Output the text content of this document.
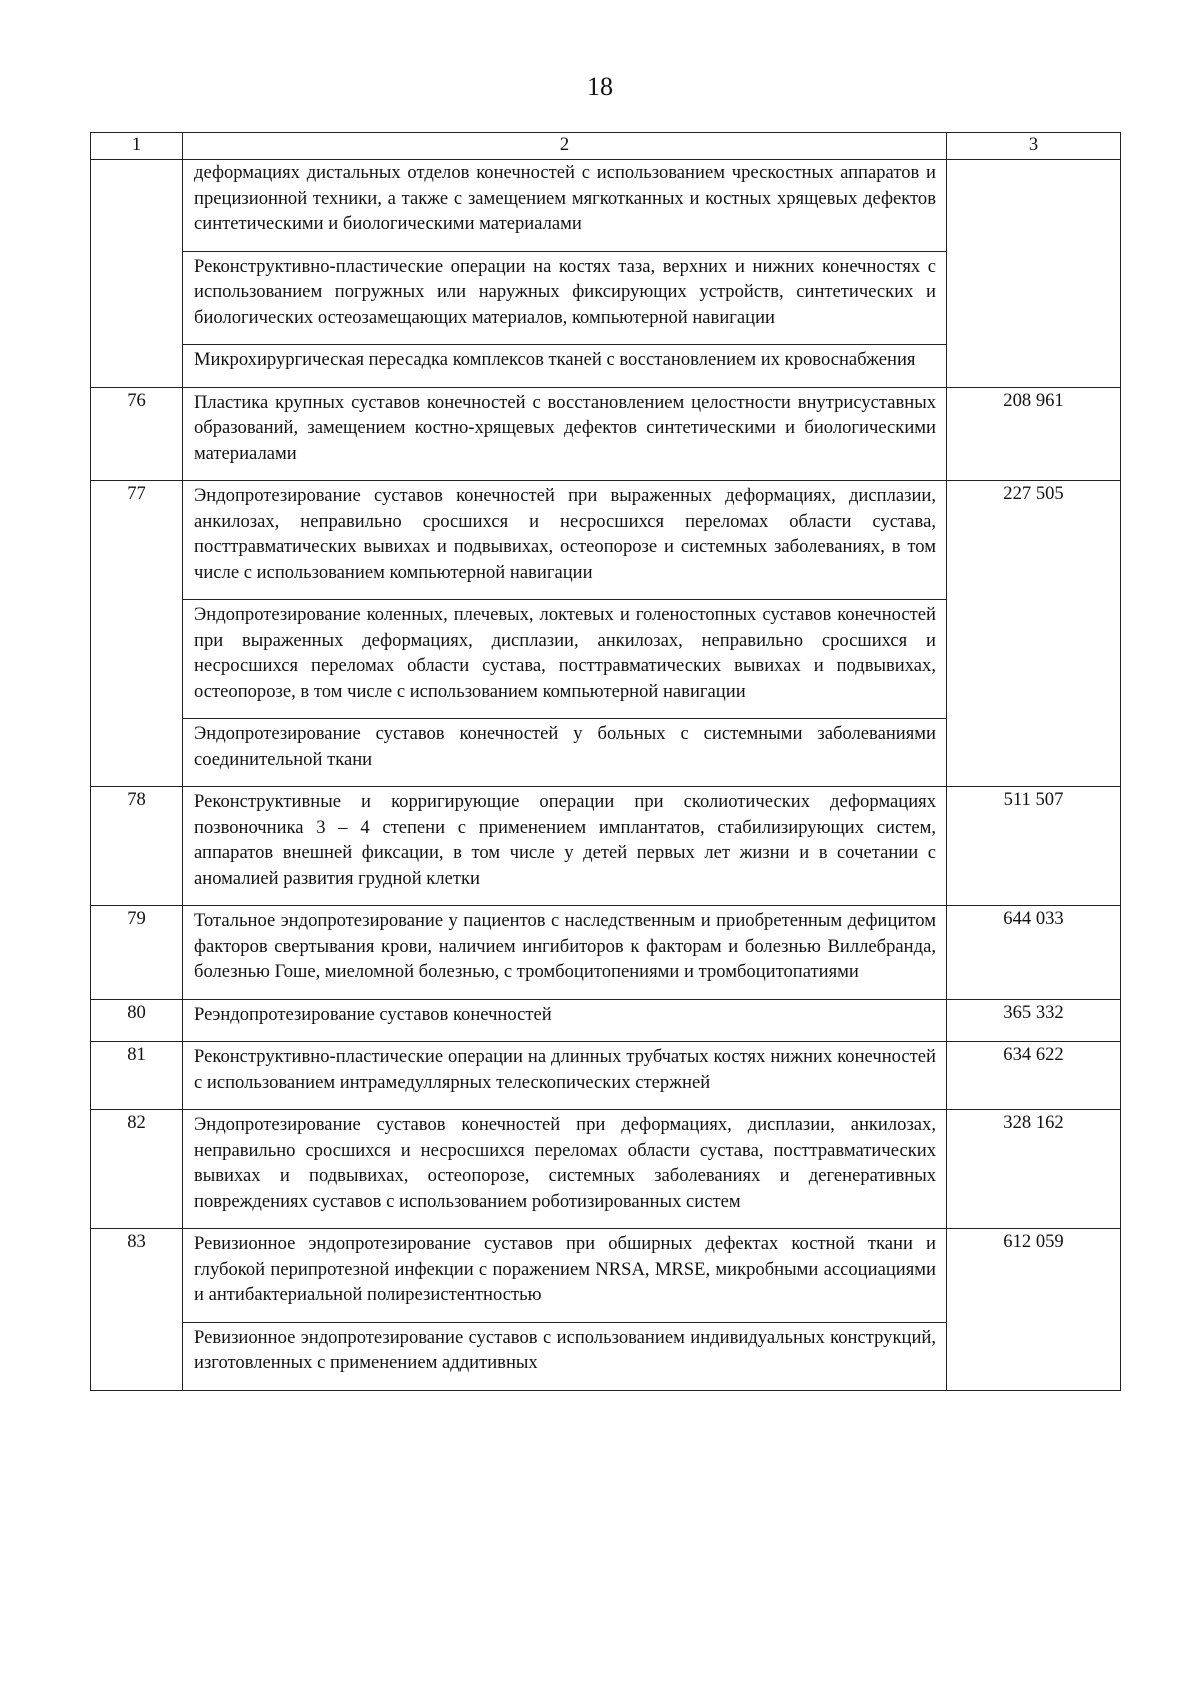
18
1	2	3

	деформациях дистальных отделов конечностей с использованием чрескостных аппаратов и прецизионной техники, а также с замещением мягкотканных и костных хрящевых дефектов синтетическими и биологическими материалами
Реконструктивно-пластические операции на костях таза, верхних и нижних конечностях с использованием погружных или наружных фиксирующих устройств, синтетических и биологических остеозамещающих материалов, компьютерной навигации
Микрохирургическая пересадка комплексов тканей с восстановлением их кровоснабжения	

76	Пластика крупных суставов конечностей с восстановлением целостности внутрисуставных образований, замещением костно-хрящевых дефектов синтетическими и биологическими материалами	208 961
77	Эндопротезирование суставов конечностей при выраженных деформациях, дисплазии, анкилозах, неправильно сросшихся и несросшихся переломах области сустава, посттравматических вывихах и подвывихах, остеопорозе и системных заболеваниях, в том числе с использованием компьютерной навигации
Эндопротезирование коленных, плечевых, локтевых и голеностопных суставов конечностей при выраженных деформациях, дисплазии, анкилозах, неправильно сросшихся и несросшихся переломах области сустава, посттравматических вывихах и подвывихах, остеопорозе, в том числе с использованием компьютерной навигации
Эндопротезирование суставов конечностей у больных с системными заболеваниями соединительной ткани	227 505
78	Реконструктивные и корригирующие операции при сколиотических деформациях позвоночника 3 – 4 степени с применением имплантатов, стабилизирующих систем, аппаратов внешней фиксации, в том числе у детей первых лет жизни и в сочетании с аномалией развития грудной клетки	511 507
79	Тотальное эндопротезирование у пациентов с наследственным и приобретенным дефицитом факторов свертывания крови, наличием ингибиторов к факторам и болезнью Виллебранда, болезнью Гоше, миеломной болезнью, с тромбоцитопениями и тромбоцитопатиями	644 033
80	Реэндопротезирование суставов конечностей	365 332
81	Реконструктивно-пластические операции на длинных трубчатых костях нижних конечностей с использованием интрамедуллярных телескопических стержней	634 622
82	Эндопротезирование суставов конечностей при деформациях, дисплазии, анкилозах, неправильно сросшихся и несросшихся переломах области сустава, посттравматических вывихах и подвывихах, остеопорозе, системных заболеваниях и дегенеративных повреждениях суставов с использованием роботизированных систем	328 162
83	Ревизионное эндопротезирование суставов при обширных дефектах костной ткани и глубокой перипротезной инфекции с поражением NRSA, MRSE, микробными ассоциациями и антибактериальной полирезистентностью
Ревизионное эндопротезирование суставов с использованием индивидуальных конструкций, изготовленных с применением аддитивных	612 059
